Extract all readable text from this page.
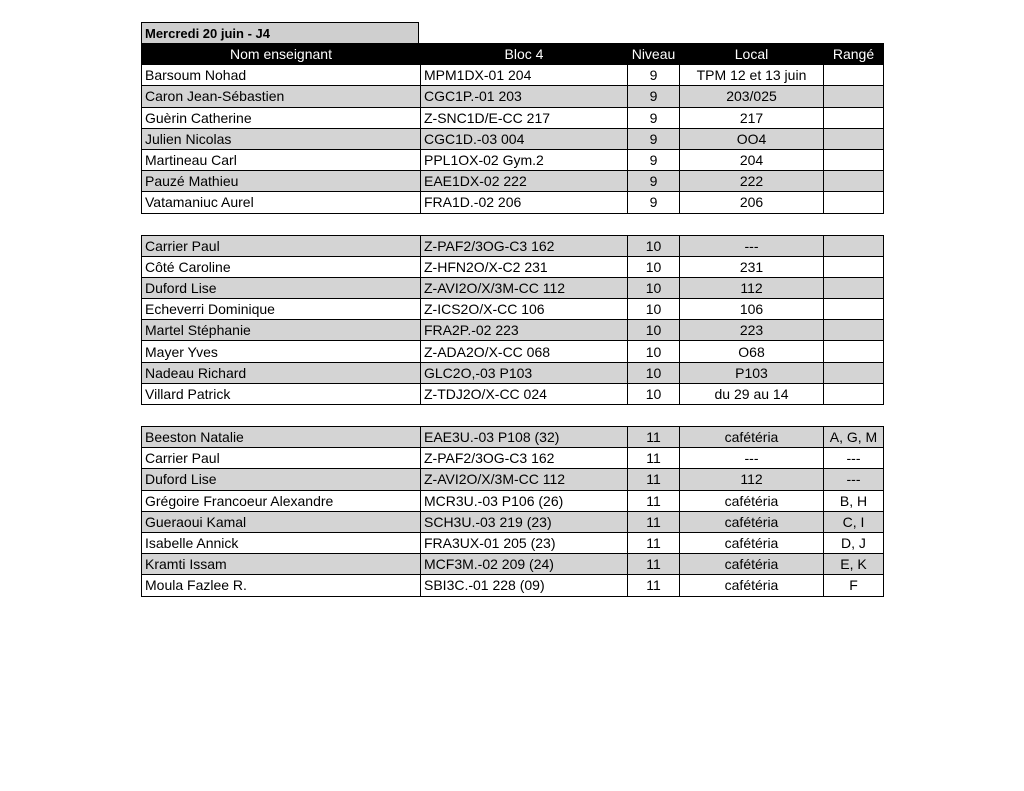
Mercredi 20 juin - J4
Nom enseignant	Bloc 4	Niveau	Local	Rangé
Barsoum Nohad	MPM1DX-01 204	9	TPM 12 et 13 juin	
Caron Jean-Sébastien	CGC1P.-01 203	9	203/025	
Guèrin Catherine	Z-SNC1D/E-CC 217	9	217	
Julien Nicolas	CGC1D.-03 004	9	OO4	
Martineau Carl	PPL1OX-02 Gym.2	9	204	
Pauzé Mathieu	EAE1DX-02 222	9	222	
Vatamaniuc Aurel	FRA1D.-02 206	9	206	

Carrier Paul	Z-PAF2/3OG-C3 162	10	---	
Côté Caroline	Z-HFN2O/X-C2 231	10	231	
Duford Lise	Z-AVI2O/X/3M-CC 112	10	112	
Echeverri Dominique	Z-ICS2O/X-CC 106	10	106	
Martel Stéphanie	FRA2P.-02 223	10	223	
Mayer Yves	Z-ADA2O/X-CC 068	10	O68	
Nadeau Richard	GLC2O,-03 P103	10	P103	
Villard Patrick	Z-TDJ2O/X-CC 024	10	du 29 au 14	

Beeston Natalie	EAE3U.-03 P108 (32)	11	cafétéria	A, G, M
Carrier Paul	Z-PAF2/3OG-C3 162	11	---	---
Duford Lise	Z-AVI2O/X/3M-CC 112	11	112	---
Grégoire Francoeur Alexandre	MCR3U.-03 P106 (26)	11	cafétéria	B, H
Gueraoui Kamal	SCH3U.-03 219 (23)	11	cafétéria	C, I
Isabelle Annick	FRA3UX-01 205 (23)	11	cafétéria	D, J
Kramti Issam	MCF3M.-02 209 (24)	11	cafétéria	E, K
Moula Fazlee R.	SBI3C.-01 228 (09)	11	cafétéria	F
